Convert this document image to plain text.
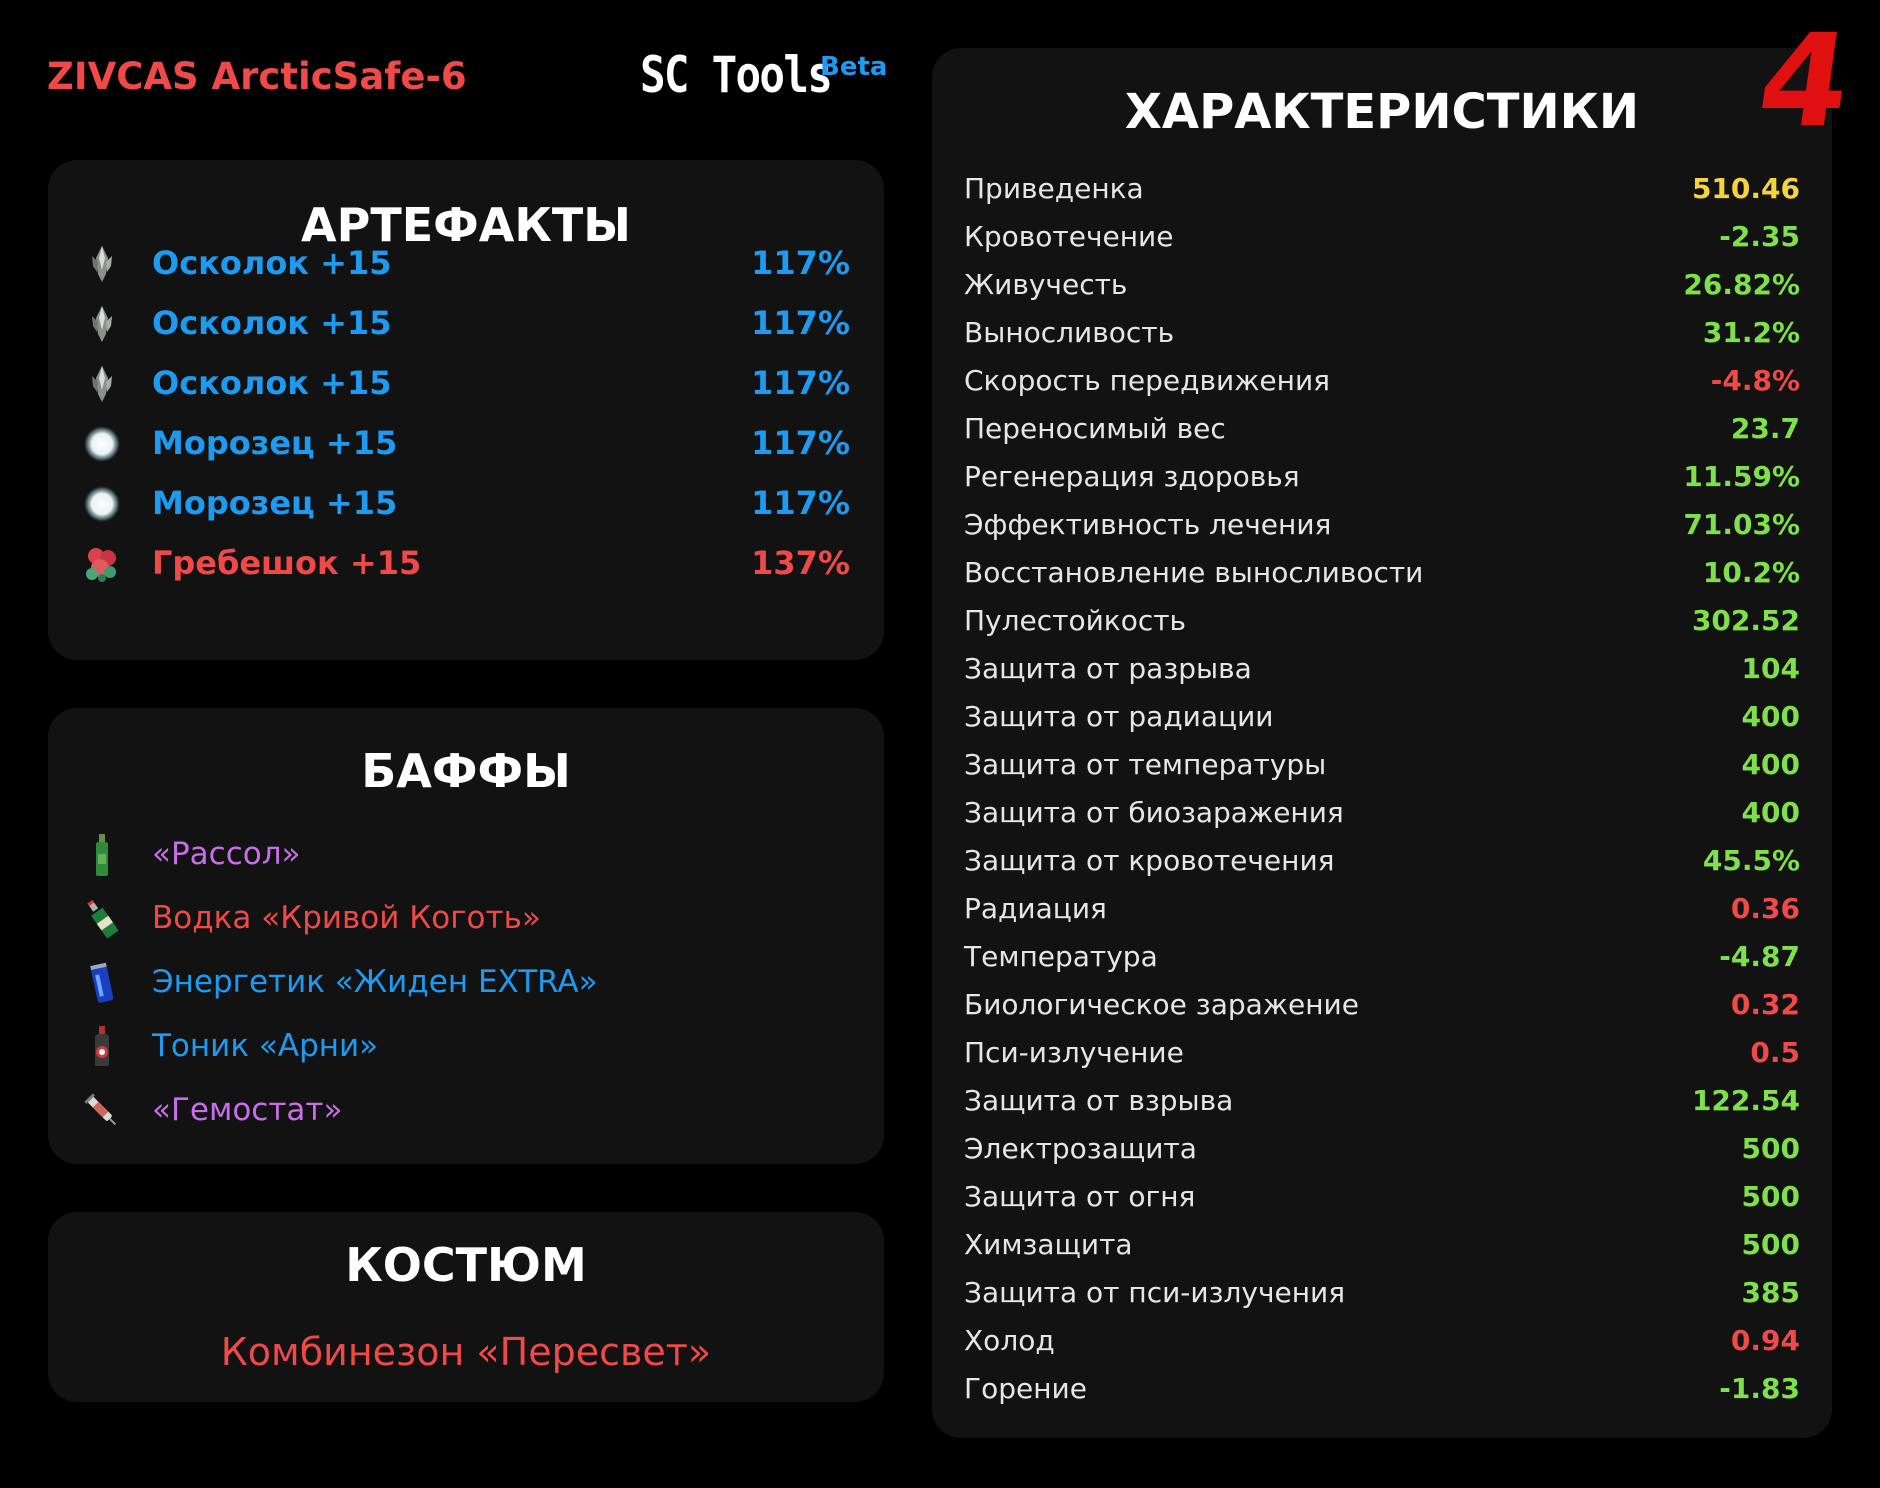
ZIVCAS ArcticSafe-6	SC Tools
Beta
АРТЕФАКТЫ
Осколок +15	117%
Осколок +15	117%
Осколок +15	117%
Морозец +15	117%
Морозец +15	117%
Гребешок +15	137%
БАФФЫ
«Рассол»
Водка «Кривой Коготь»
Энергетик «Жиден EXTRA»
Тоник «Арни»
«Гемостат»
КОСТЮМ
Комбинезон «Пересвет»
ХАРАКТЕРИСТИКИ
Приведенка	510.46
Кровотечение	-2.35
Живучесть	26.82%
Выносливость	31.2%
Скорость передвижения	-4.8%
Переносимый вес	23.7
Регенерация здоровья	11.59%
Эффективность лечения	71.03%
Восстановление выносливости	10.2%
Пулестойкость	302.52
Защита от разрыва	104
Защита от радиации	400
Защита от температуры	400
Защита от биозаражения	400
Защита от кровотечения	45.5%
Радиация	0.36
Температура	-4.87
Биологическое заражение	0.32
Пси-излучение	0.5
Защита от взрыва	122.54
Электрозащита	500
Защита от огня	500
Химзащита	500
Защита от пси-излучения	385
Холод	0.94
Горение	-1.83
4
